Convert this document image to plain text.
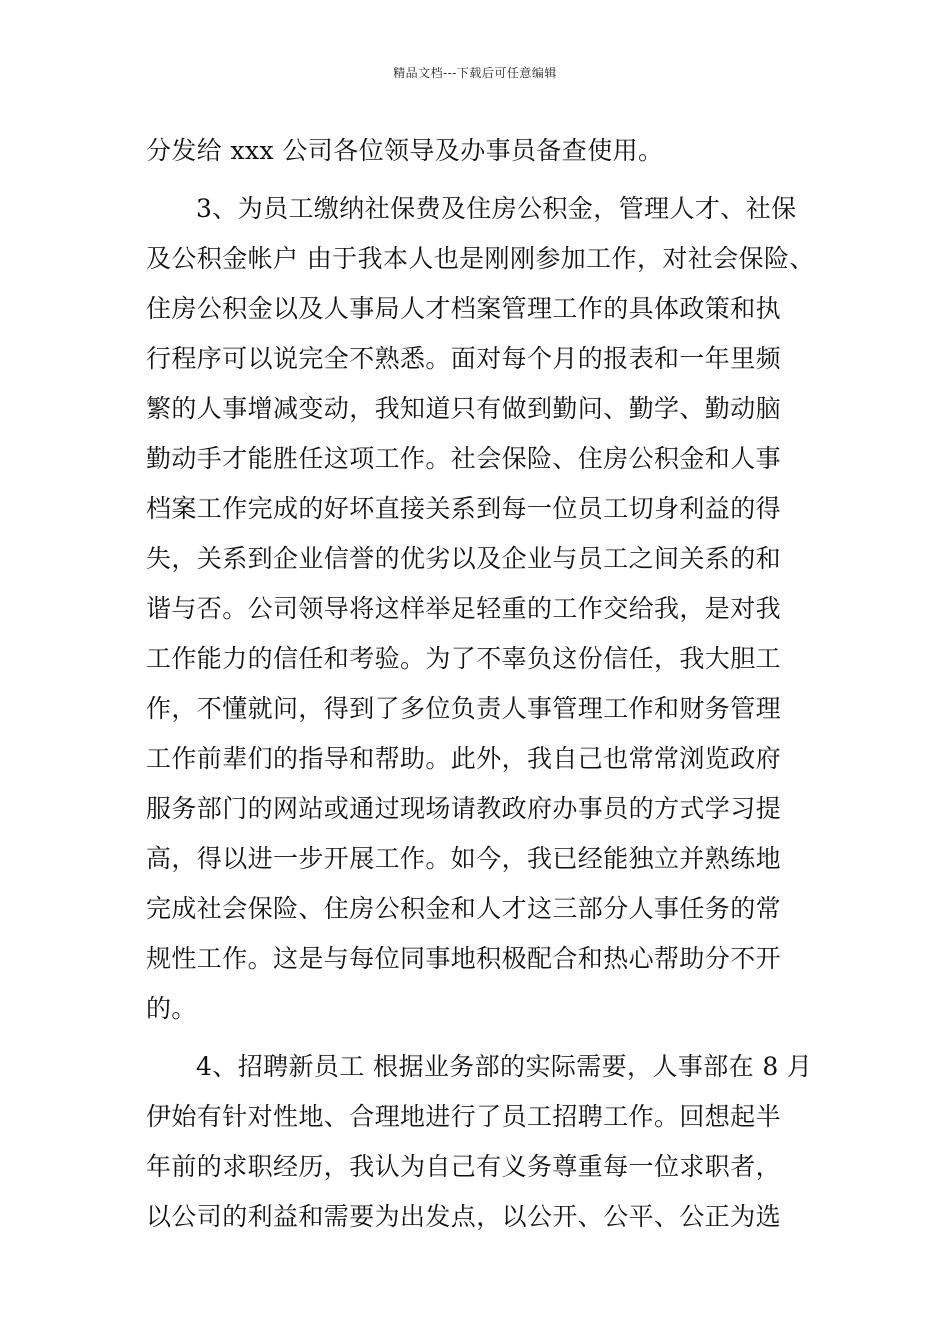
精品文档---下载后可任意编辑
分发给 xxx 公司各位领导及办事员备查使用。
3、为员工缴纳社保费及住房公积金，管理人才、社保
及公积金帐户 由于我本人也是刚刚参加工作，对社会保险、
住房公积金以及人事局人才档案管理工作的具体政策和执
行程序可以说完全不熟悉。面对每个月的报表和一年里频
繁的人事增减变动，我知道只有做到勤问、勤学、勤动脑
勤动手才能胜任这项工作。社会保险、住房公积金和人事
档案工作完成的好坏直接关系到每一位员工切身利益的得
失，关系到企业信誉的优劣以及企业与员工之间关系的和
谐与否。公司领导将这样举足轻重的工作交给我，是对我
工作能力的信任和考验。为了不辜负这份信任，我大胆工
作，不懂就问，得到了多位负责人事管理工作和财务管理
工作前辈们的指导和帮助。此外，我自己也常常浏览政府
服务部门的网站或通过现场请教政府办事员的方式学习提
高，得以进一步开展工作。如今，我已经能独立并熟练地
完成社会保险、住房公积金和人才这三部分人事任务的常
规性工作。这是与每位同事地积极配合和热心帮助分不开
的。
4、招聘新员工 根据业务部的实际需要，人事部在 8 月
伊始有针对性地、合理地进行了员工招聘工作。回想起半
年前的求职经历，我认为自己有义务尊重每一位求职者，
以公司的利益和需要为出发点，以公开、公平、公正为选
